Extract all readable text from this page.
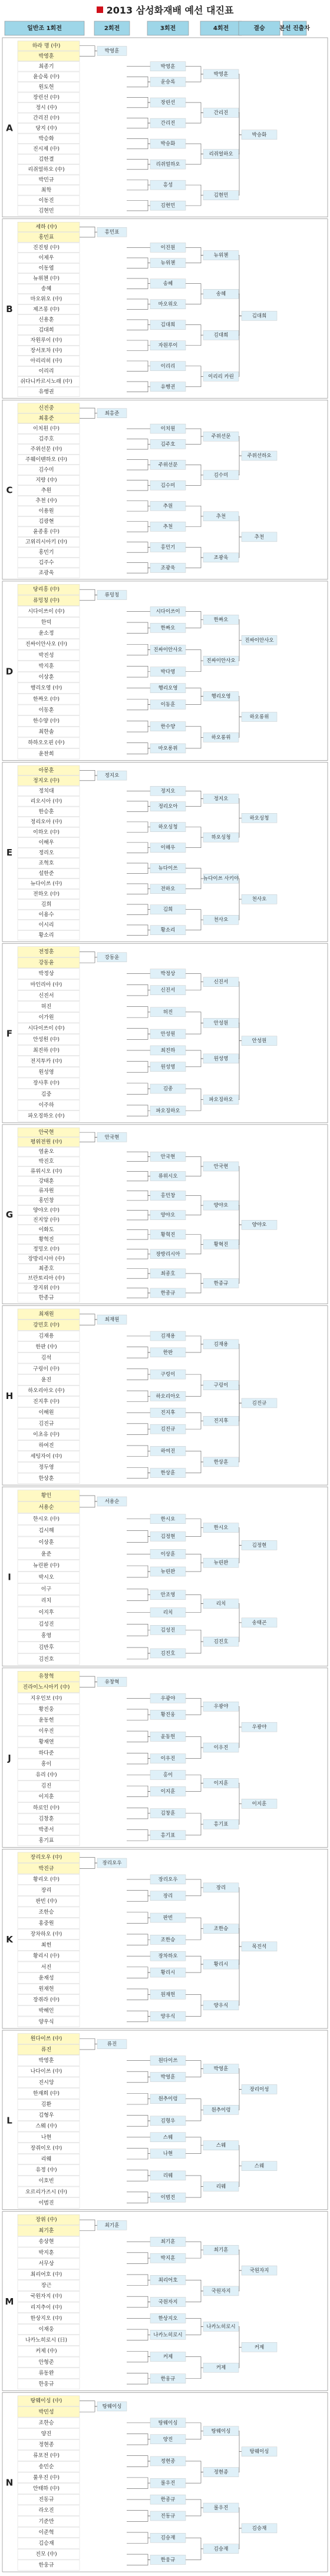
2013 삼성화재배 예선 대진표
일반조 1회전	2회전	3회전	4회전	결승 본선 진출자
A
하라 명 (中)
박영훈
최종기
윤승록 (中)
원도헌
장린선 (中)
정시 (中)
간리진 (中)
당지 (中)
박승화
진시제 (中)
김한결
리쥐얼하오 (中)
박민규
최학
이동진
김현민
박영훈
박영훈
윤승록
장린선
간리진
박승화
리쥐얼하오
홍성
김현민
박영훈
간리진
리쥐얼하오
김현민
박승화
B
세하 (中)
홍민표
진진핑 (中)
이제우
이동엽
뉴위첸 (中)
송혜
마오위오 (中)
제즈롱 (中)
신용훈
김대희
자원루이 (中)
장서포차 (中)
아리리히 (中)
이리리
쉬다니카르시노래 (中)
유행권
홍민표
이진원
뉴위첸
송혜
마오위오
김대희
자원루이
이리리
유행권
뉴위첸
송혜
김대희
이리리 카린
김대희
C
신진중
최홍준
이치원 (中)
김주호
주위선문 (中)
주웨이톈하오 (中)
김수미
지랑 (中)
추원
추천 (中)
이용원
김광현
윤종홍 (中)
고위리시아키 (中)
홍민기
김주수
조광욱
최홍준
이치원
김주호
주위선문
김수미
추원
추천
홍민기
조광욱
주위선문
김수미
추천
조광욱
주위선하오
추천
D
당리흥 (中)
류밍칭 (中)
시다이쓰이 (中)
한덕
윤소정
진싸이안사오 (中)
박진성
박지훈
이상훈
행리오영 (中)
한짜오 (中)
이동훈
한수양 (中)
최한솔
하하오오핀 (中)
윤찬희
류밍칭
시다이쓰이
한짜오
진싸이안사오
박다영
행리오영
이동훈
한수양
마오롱위
한짜오
진싸이안사오
행리오영
하오롱위
진싸이안사오
하오롱위
E
아몽훈
정지오 (中)
정치대
리오시아 (中)
한승훈
정리오아 (中)
이하오 (中)
이해우
정리오
조혁호
설한준
뉴다이쓰 (中)
전하오 (中)
김희
이용수
이시리
황소리
정지오
정지오
정리오아
하오싱청
이해우
뉴다이쓰
전하오
김희
황소리
정지오
하오싱청
뉴다이쓰 사키야
천사오
하오싱청
천사오
F
전정훈
강동윤
박정상
마인리아 (中)
신진서
허진
이가원
시다이쓰이 (中)
안성원 (中)
최진하 (中)
전지투카 (中)
원성영
장사후 (中)
김중
이주하
파오징하오 (中)
강동윤
박정상
신진서
허진
안성원
최진하
원성영
김중
파오징하오
신진서
안성원
원성영
파오징하오
안성원
G
안국현
평위전원 (中)
염윤오
박진호
류위시오 (中)
강태훈
류자원
홍민창
양야오 (中)
진지앙 (中)
이화도
황혁진
정밍오 (中)
장방리시아 (中)
최종호
브란토리아 (中)
장지위 (中)
한종규
안국현
안국현
류위시오
홍민창
양야오
황혁진
장방리시아
최종호
한종규
안국현
양야오
황혁진
한종규
양야오
H
최재원
강민호 (中)
김재용
한판 (中)
김석
구링이 (中)
윤진
하오리아오 (中)
진지후 (中)
이해원
김진규
이초유 (中)
하여진
세팅자이 (中)
정두영
한상훈
최재원
김재용
한판
구링이
하오리아오
진지후
김진규
하여진
한상훈
김재용
구링이
진지후
한상훈
김진규
I
황인
서용순
한시오 (中)
김시해
이상훈
윤준
뉴린완 (中)
박시오
이구
리치
이지후
김성진
홍영
김반후
김진호
서용순
한시오
김정현
이상훈
뉴린완
안조영
리치
김성진
김진호
한시오
뉴린완
리치
김진호
김정현
송태곤
J
유창혁
진라이노시아키 (中)
지우인보 (中)
황진웅
윤동헌
이우진
황재연
하다준
홍이
유리 (中)
김진
이지훈
하로인 (中)
김창훈
박종서
홍기표
유창혁
우광야
황진웅
윤동헌
이우진
홍이
이지훈
김창훈
홍기표
우광야
이우진
이지훈
홍기표
우광야
이지훈
K
장리오우 (中)
박진규
황리오 (中)
장리
판빈 (中)
조한승
홍중원
장차하오 (中)
최헌
황리시 (中)
서진
윤재성
원재헌
장쥐라 (中)
박해인
양우식
장리오우
장리오우
장리
판빈
조한승
장차하오
황리시
원재헌
양우식
장리
조한승
황리시
양우식
목진석
L
원다이쓰 (中)
류진
박영훈
나다이쓰 (中)
진시앙
한재희 (中)
김환
김형우
스웨 (中)
나현
장쥐이오 (中)
리웨
유정 (中)
이호빈
오르리가즈시 (中)
이범진
류진
원다이쓰
박영훈
원추이렁
김형우
스웨
나현
리웨
이범진
박영훈
원추이렁
스웨
리웨
장리이성
스웨
M
장위 (中)
최기훈
송상현
박지훈
서무상
최리어호 (中)
장근
국원자지 (中)
리지추이 (中)
한상지오 (中)
이재웅
나카노히로시 (日)
커제 (中)
안형준
류동완
한웅규
최기훈
최기훈
박지훈
최리어호
국원자지
한상지오
나카노히로시
커제
한웅규
최기훈
국원자지
나카노히로시
커제
국원자지
커제
N
탕웨이싱 (中)
박민성
조한승
양진
정현종
류포전 (中)
송민순
룰우진 (中)
안태하 (中)
진동규
라오진
기준만
이준혁
김승재
진모 (中)
한웅규
탕웨이싱
탕웨이싱
양진
정현종
룰우진
한종규
진동규
김승재
한웅규
탕웨이싱
정현종
룰우진
김승재
탕웨이싱
김승재
